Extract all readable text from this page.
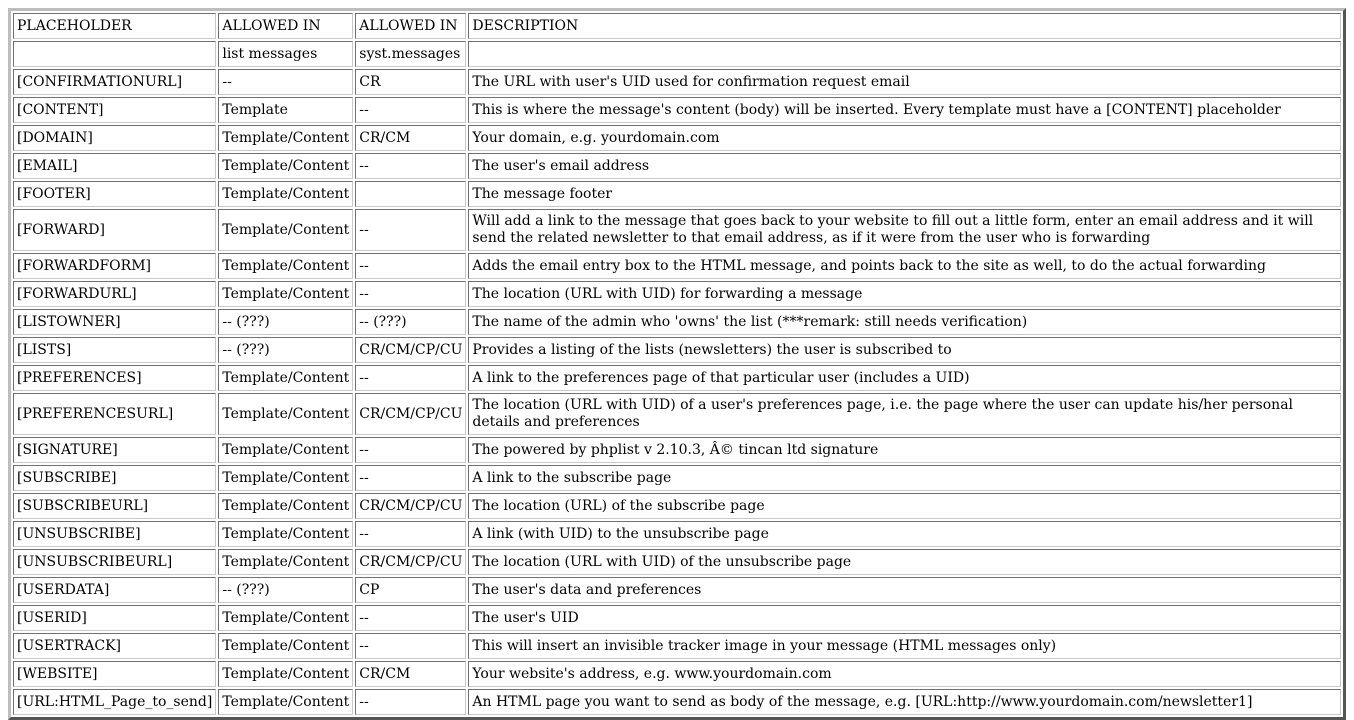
PLACEHOLDER	ALLOWED IN	ALLOWED IN	DESCRIPTION
	list messages	syst.messages	
[CONFIRMATIONURL]	--	CR	The URL with user's UID used for confirmation request email
[CONTENT]	Template	--	This is where the message's content (body) will be inserted. Every template must have a [CONTENT] placeholder
[DOMAIN]	Template/Content	CR/CM	Your domain, e.g. yourdomain.com
[EMAIL]	Template/Content	--	The user's email address
[FOOTER]	Template/Content		The message footer
[FORWARD]	Template/Content	--	Will add a link to the message that goes back to your website to fill out a little form, enter an email address and it will send the related newsletter to that email address, as if it were from the user who is forwarding
[FORWARDFORM]	Template/Content	--	Adds the email entry box to the HTML message, and points back to the site as well, to do the actual forwarding
[FORWARDURL]	Template/Content	--	The location (URL with UID) for forwarding a message
[LISTOWNER]	-- (???)	-- (???)	The name of the admin who 'owns' the list (***remark: still needs verification)
[LISTS]	-- (???)	CR/CM/CP/CU	Provides a listing of the lists (newsletters) the user is subscribed to
[PREFERENCES]	Template/Content	--	A link to the preferences page of that particular user (includes a UID)
[PREFERENCESURL]	Template/Content	CR/CM/CP/CU	The location (URL with UID) of a user's preferences page, i.e. the page where the user can update his/her personal details and preferences
[SIGNATURE]	Template/Content	--	The powered by phplist v 2.10.3, Â© tincan ltd signature
[SUBSCRIBE]	Template/Content	--	A link to the subscribe page
[SUBSCRIBEURL]	Template/Content	CR/CM/CP/CU	The location (URL) of the subscribe page
[UNSUBSCRIBE]	Template/Content	--	A link (with UID) to the unsubscribe page
[UNSUBSCRIBEURL]	Template/Content	CR/CM/CP/CU	The location (URL with UID) of the unsubscribe page
[USERDATA]	-- (???)	CP	The user's data and preferences
[USERID]	Template/Content	--	The user's UID
[USERTRACK]	Template/Content	--	This will insert an invisible tracker image in your message (HTML messages only)
[WEBSITE]	Template/Content	CR/CM	Your website's address, e.g. www.yourdomain.com
[URL:HTML_Page_to_send]	Template/Content	--	An HTML page you want to send as body of the message, e.g. [URL:http://www.yourdomain.com/newsletter1]
